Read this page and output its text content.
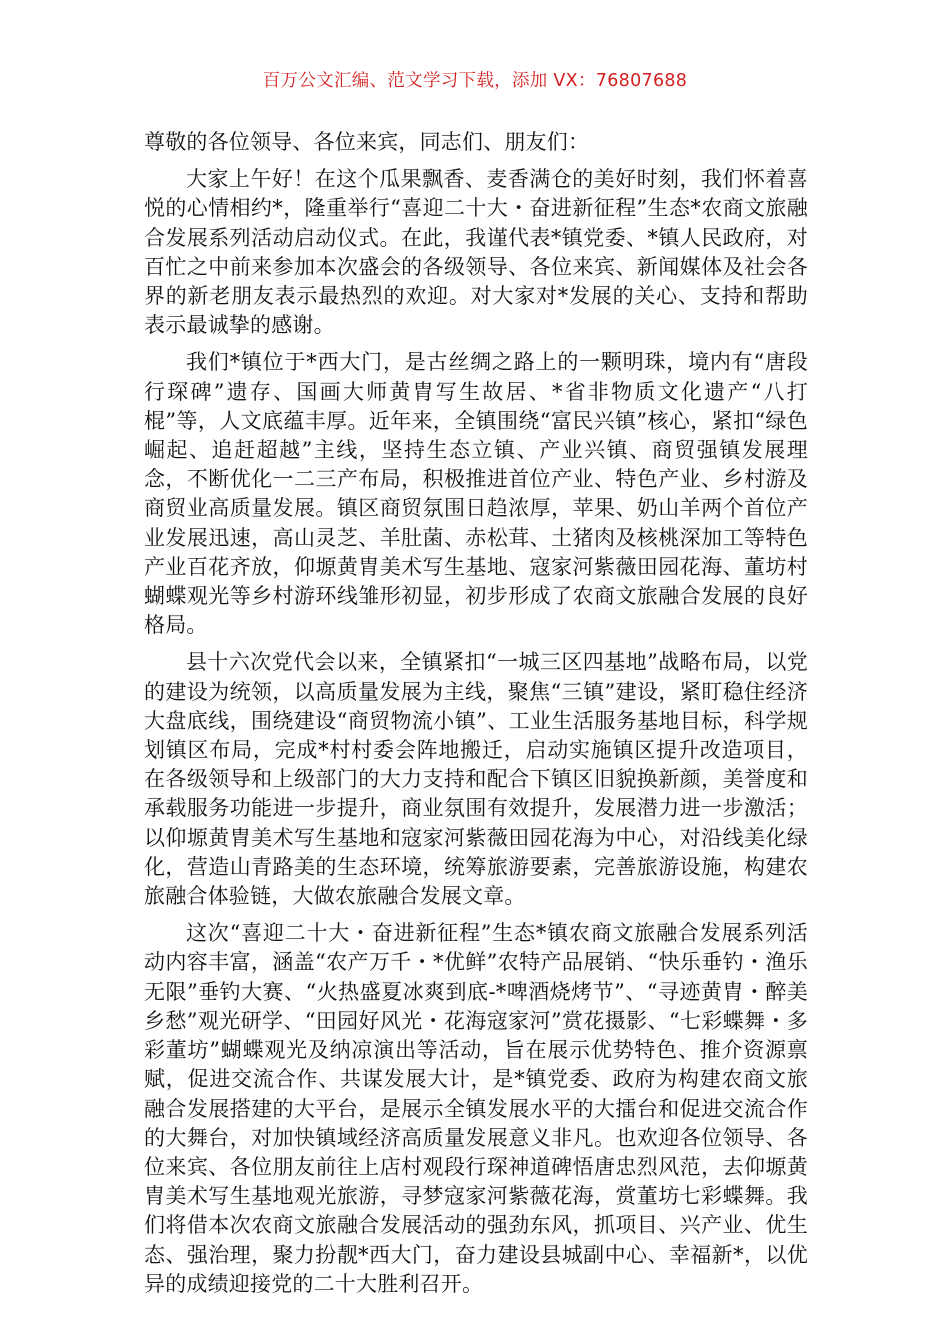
百万公文汇编、范文学习下载，添加 VX：76807688

尊敬的各位领导、各位来宾，同志们、朋友们：

大家上午好！在这个瓜果飘香、麦香满仓的美好时刻，我们怀着喜悦的心情相约*，隆重举行“喜迎二十大・奋进新征程”生态*农商文旅融合发展系列活动启动仪式。在此，我谨代表*镇党委、*镇人民政府，对百忙之中前来参加本次盛会的各级领导、各位来宾、新闻媒体及社会各界的新老朋友表示最热烈的欢迎。对大家对*发展的关心、支持和帮助表示最诚挚的感谢。

我们*镇位于*西大门，是古丝绸之路上的一颗明珠，境内有“唐段行琛碑”遗存、国画大师黄胄写生故居、*省非物质文化遗产“八打棍”等，人文底蕴丰厚。近年来，全镇围绕“富民兴镇”核心，紧扣“绿色崛起、追赶超越”主线，坚持生态立镇、产业兴镇、商贸强镇发展理念，不断优化一二三产布局，积极推进首位产业、特色产业、乡村游及商贸业高质量发展。镇区商贸氛围日趋浓厚，苹果、奶山羊两个首位产业发展迅速，高山灵芝、羊肚菌、赤松茸、土猪肉及核桃深加工等特色产业百花齐放，仰塬黄胄美术写生基地、寇家河紫薇田园花海、董坊村蝴蝶观光等乡村游环线雏形初显，初步形成了农商文旅融合发展的良好格局。

县十六次党代会以来，全镇紧扣“一城三区四基地”战略布局，以党的建设为统领，以高质量发展为主线，聚焦“三镇”建设，紧盯稳住经济大盘底线，围绕建设“商贸物流小镇”、工业生活服务基地目标，科学规划镇区布局，完成*村村委会阵地搬迁，启动实施镇区提升改造项目，在各级领导和上级部门的大力支持和配合下镇区旧貌换新颜，美誉度和承载服务功能进一步提升，商业氛围有效提升，发展潜力进一步激活；以仰塬黄胄美术写生基地和寇家河紫薇田园花海为中心，对沿线美化绿化，营造山青路美的生态环境，统筹旅游要素，完善旅游设施，构建农旅融合体验链，大做农旅融合发展文章。

这次“喜迎二十大・奋进新征程”生态*镇农商文旅融合发展系列活动内容丰富，涵盖“农产万千・*优鲜”农特产品展销、“快乐垂钓・渔乐无限”垂钓大赛、“火热盛夏冰爽到底-*啤酒烧烤节”、“寻迹黄胄・醉美乡愁”观光研学、“田园好风光・花海寇家河”赏花摄影、“七彩蝶舞・多彩董坊”蝴蝶观光及纳凉演出等活动，旨在展示优势特色、推介资源禀赋，促进交流合作、共谋发展大计，是*镇党委、政府为构建农商文旅融合发展搭建的大平台，是展示全镇发展水平的大擂台和促进交流合作的大舞台，对加快镇域经济高质量发展意义非凡。也欢迎各位领导、各位来宾、各位朋友前往上店村观段行琛神道碑悟唐忠烈风范，去仰塬黄胄美术写生基地观光旅游，寻梦寇家河紫薇花海，赏董坊七彩蝶舞。我们将借本次农商文旅融合发展活动的强劲东风，抓项目、兴产业、优生态、强治理，聚力扮靓*西大门，奋力建设县城副中心、幸福新*，以优异的成绩迎接党的二十大胜利召开。
